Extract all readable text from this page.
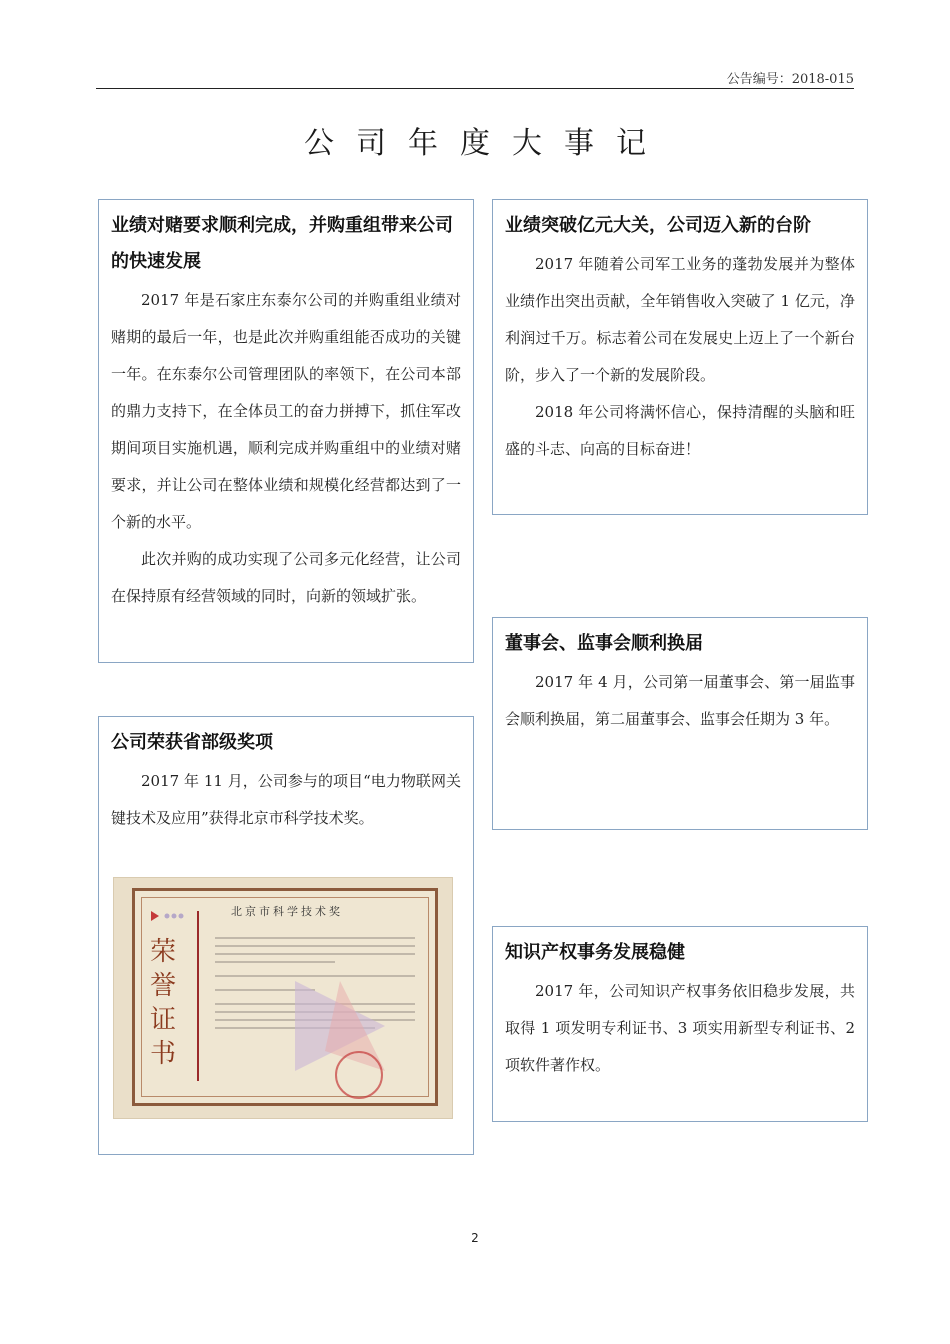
公告编号：2018-015
公司年度大事记
业绩对赌要求顺利完成，并购重组带来公司的快速发展

2017 年是石家庄东泰尔公司的并购重组业绩对赌期的最后一年，也是此次并购重组能否成功的关键一年。在东泰尔公司管理团队的率领下，在公司本部的鼎力支持下，在全体员工的奋力拼搏下，抓住军改期间项目实施机遇，顺利完成并购重组中的业绩对赌要求，并让公司在整体业绩和规模化经营都达到了一个新的水平。

此次并购的成功实现了公司多元化经营，让公司在保持原有经营领域的同时，向新的领域扩张。

业绩突破亿元大关，公司迈入新的台阶

2017 年随着公司军工业务的蓬勃发展并为整体业绩作出突出贡献，全年销售收入突破了 1 亿元，净利润过千万。标志着公司在发展史上迈上了一个新台阶，步入了一个新的发展阶段。

2018 年公司将满怀信心，保持清醒的头脑和旺盛的斗志、向高的目标奋进！

董事会、监事会顺利换届

2017 年 4 月，公司第一届董事会、第一届监事会顺利换届，第二届董事会、监事会任期为 3 年。

公司荣获省部级奖项

2017 年 11 月，公司参与的项目“电力物联网关键技术及应用”获得北京市科学技术奖。

北京市科学技术奖
荣誉证书
知识产权事务发展稳健

2017 年，公司知识产权事务依旧稳步发展，共取得 1 项发明专利证书、3 项实用新型专利证书、2 项软件著作权。

2
